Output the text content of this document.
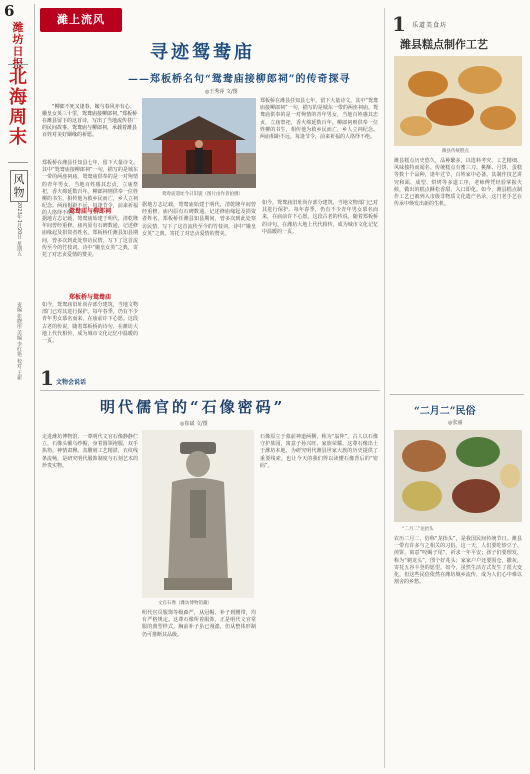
6
潍坊日报
北海周末
风物
2023年1月20日 星期五
责编 张晓彤 美编 李红艳 校对 王新
濰上流风
寻迹鸳鸯庙
——郑板桥名句“鸳鸯庙接柳郎祠”的传奇探寻
◎王秀萍 文/图
“柳郎不死又逢春，嫁与春风亦有心。娥皇女英三十里，鸳鸯庙接柳郎祠。”郑板桥在潍县留下的这首诗，写出了当地流传甚广的民间故事。鸳鸯庙与柳郎祠，承载着潍县百姓对美好姻缘的祈愿。
鸳鸯庙遗址今日旧貌（图片由作者拍摄）
郑板桥在潍县任知县七年，留下大量诗文。其中“鸳鸯庙接柳郎祠”一句，描写的是城东一带的两座祠庙。鸳鸯庙供奉的是一对殉情的青年男女，当地百姓感其忠贞，立庙祭祀，香火绵延数百年。柳郎祠则供奉一位姓柳的书生，相传他为救乡民而亡，乡人立祠纪念。两庙相距不远，每逢节令，前来祈福的人络绎不绝。
鸳鸯庙与柳郎祠
据地方志记载，鸳鸯庙始建于明代，清乾隆年间曾经重修。庙内原有石碑数通，记述修庙缘起及捐资者姓名。郑板桥任潍县知县期间，曾多次到此处察访民情，写下了这首流传至今的竹枝词。诗中“娥皇女英”之典，寄托了对忠贞爱情的赞美。
郑板桥与鸳鸯庙
如今，鸳鸯庙旧址尚存部分建筑，当地文物部门已对其进行保护。每年春季，仍有不少青年男女慕名而来，在庙前许下心愿。这段古老的传说，随着郑板桥的诗句，在潍坊大地上代代相传，成为城市文化记忆中温暖的一页。
据地方志记载，鸳鸯庙始建于明代，清乾隆年间曾经重修。庙内原有石碑数通，记述修庙缘起及捐资者姓名。郑板桥任潍县知县期间，曾多次到此处察访民情，写下了这首流传至今的竹枝词。诗中“娥皇女英”之典，寄托了对忠贞爱情的赞美。
郑板桥在潍县任知县七年，留下大量诗文。其中“鸳鸯庙接柳郎祠”一句，描写的是城东一带的两座祠庙。鸳鸯庙供奉的是一对殉情的青年男女，当地百姓感其忠贞，立庙祭祀，香火绵延数百年。柳郎祠则供奉一位姓柳的书生，相传他为救乡民而亡，乡人立祠纪念。两庙相距不远，每逢节令，前来祈福的人络绎不绝。
如今，鸳鸯庙旧址尚存部分建筑，当地文物部门已对其进行保护。每年春季，仍有不少青年男女慕名而来，在庙前许下心愿。这段古老的传说，随着郑板桥的诗句，在潍坊大地上代代相传，成为城市文化记忆中温暖的一页。
1 文物会说话
明代儒官的“石像密码”
◎崔斌 文/图
走进潍坊博物馆，一尊明代文官石像静静伫立。石像头戴乌纱帽，身着圆领袍服，双手执笏，神情肃穆。其雕刻工艺精湛，衣纹线条流畅，是研究明代服饰制度与石刻艺术的珍贵实物。
文官石像（潍坊博物馆藏）
明代官员服饰等级森严，从冠帽、补子到腰带，均有严格规定。这尊石像所着服饰，正是明代文官常服的典型样式。胸前补子虽已漫漶，但从整体形制仍可推断其品级。
石像原立于墓前神道两侧，称为“翁仲”。古人以石像守护墓园，寓意子孙兴旺、家族荣耀。这尊石像出土于潍坊本地，为研究明代潍县世家大族的历史提供了重要线索，也让今天的我们得以读懂石像背后的“密码”。
1 乐道美食坊
潍县糕点制作工艺
潍县传统糕点
潍县糕点历史悠久，品种繁多，以选料考究、工艺精细、风味独特而闻名。传统糕点有蜜三刀、桃酥、月饼、蛋糕等数十个品种，逢年过节，百姓家中必备。其制作技艺讲究和面、成型、烘烤等多道工序，老师傅凭经验掌握火候，做出的糕点酥松香甜、入口即化。如今，潍县糕点制作工艺已被列入市级非物质文化遗产名录，这门老手艺在传承中焕发出新的生机。
“二月二”民俗
◎张丽
“二月二”龙抬头
农历二月二，俗称“龙抬头”，是我国民间传统节日。潍县一带有许多与之相关的习俗。这一天，人们要吃炒豆子、煎饼，寓意“咬蝎子尾”，祈求一年平安；孩子们要理发，称为“剃龙头”，图个好兆头；家家户户还要围仓、撒灰，寄托五谷丰登的愿望。如今，虽然生活方式发生了很大变化，但这些民俗依然在潍坊城乡流传，成为人们心中难以割舍的乡愁。
